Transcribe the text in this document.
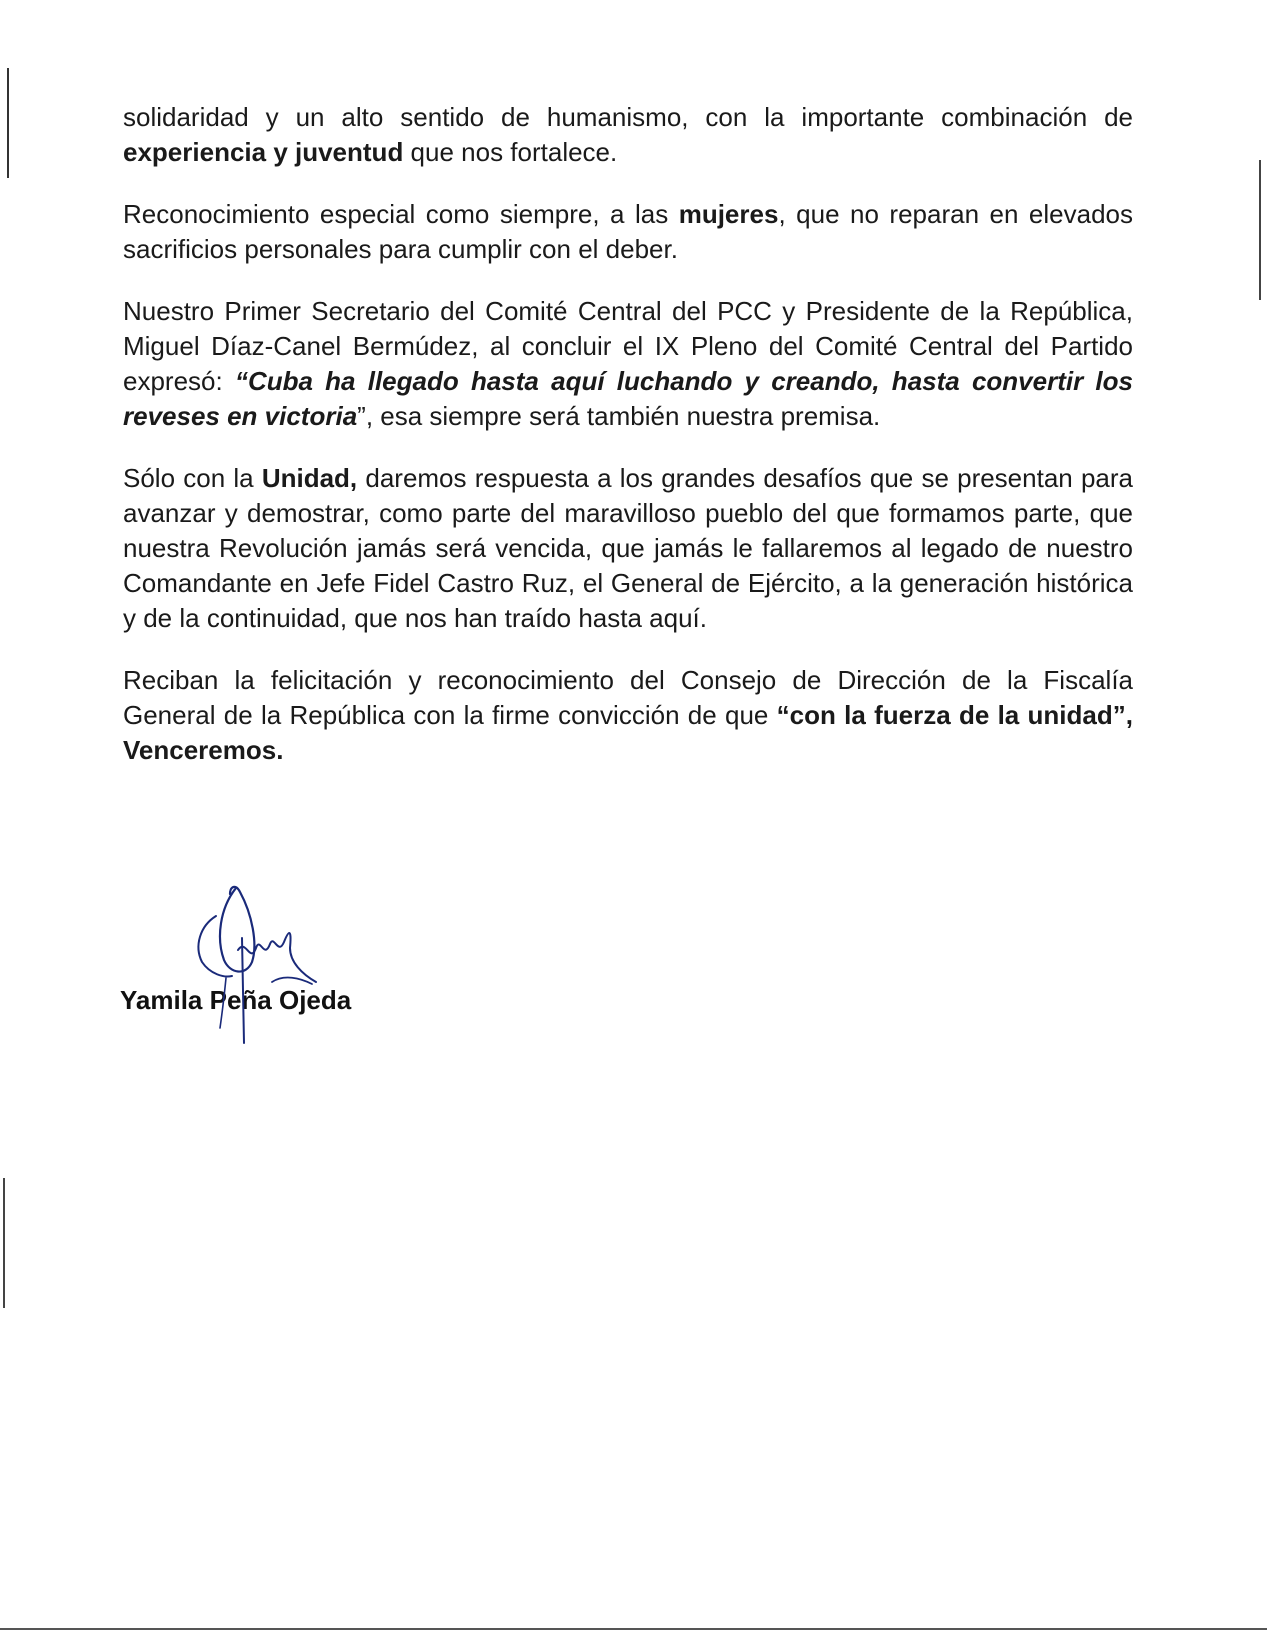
solidaridad y un alto sentido de humanismo, con la importante combinación de experiencia y juventud que nos fortalece.

Reconocimiento especial como siempre, a las mujeres, que no reparan en elevados sacrificios personales para cumplir con el deber.

Nuestro Primer Secretario del Comité Central del PCC y Presidente de la República, Miguel Díaz-Canel Bermúdez, al concluir el IX Pleno del Comité Central del Partido expresó: “Cuba ha llegado hasta aquí luchando y creando, hasta convertir los reveses en victoria”, esa siempre será también nuestra premisa.

Sólo con la Unidad, daremos respuesta a los grandes desafíos que se presentan para avanzar y demostrar, como parte del maravilloso pueblo del que formamos parte, que nuestra Revolución jamás será vencida, que jamás le fallaremos al legado de nuestro Comandante en Jefe Fidel Castro Ruz, el General de Ejército, a la generación histórica y de la continuidad, que nos han traído hasta aquí.

Reciban la felicitación y reconocimiento del Consejo de Dirección de la Fiscalía General de la República con la firme convicción de que “con la fuerza de la unidad”, Venceremos.

Yamila Peña Ojeda
